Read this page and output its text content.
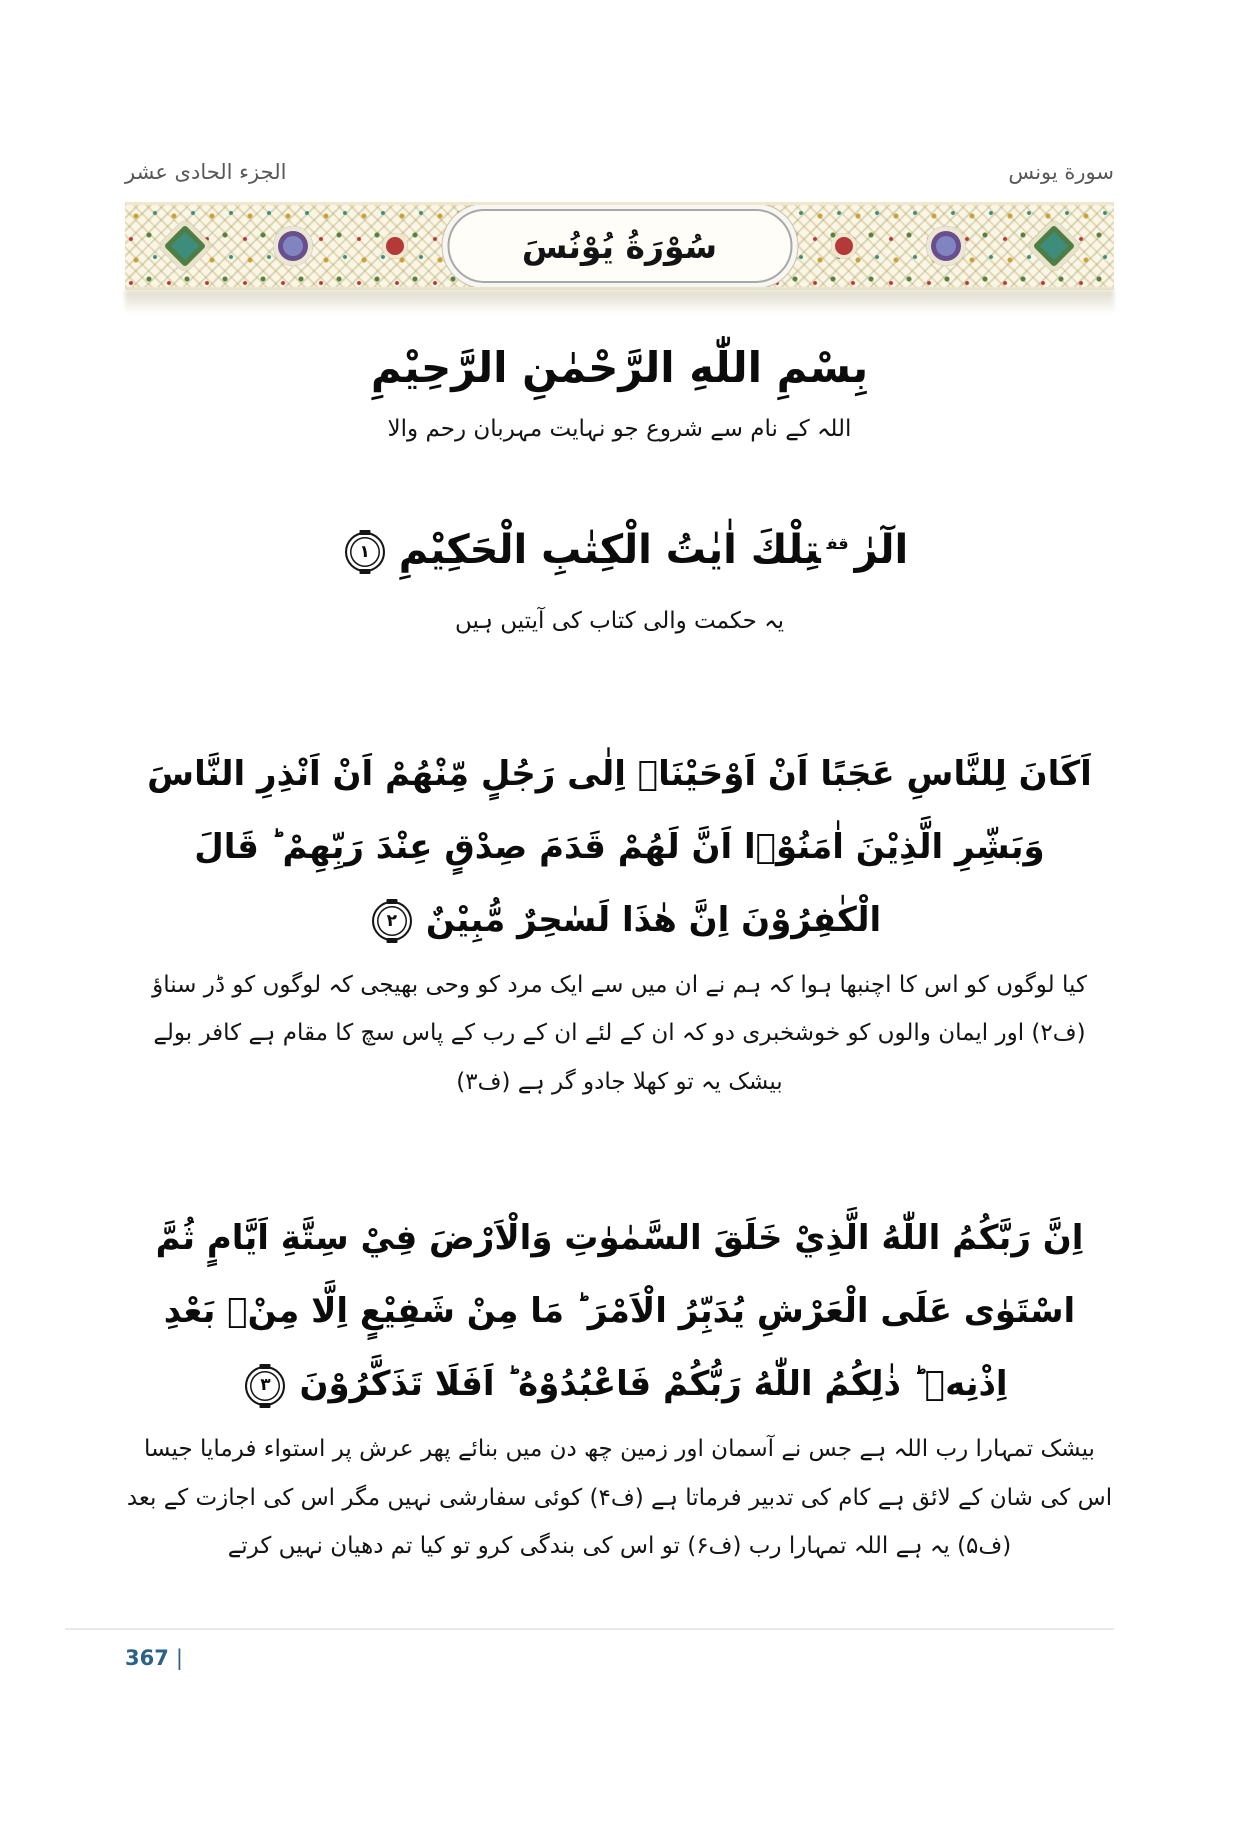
الجزء الحادی عشر	سورة يونس
سُوْرَةُ يُوْنُسَ
بِسْمِ اللّٰهِ الرَّحْمٰنِ الرَّحِيْمِ
اللہ کے نام سے شروع جو نہایت مہربان رحم والا
الٓرٰ$^{قف}$تِلْكَ اٰيٰتُ الْكِتٰبِ الْحَكِيْمِ١
یہ حکمت والی کتاب کی آیتیں ہیں
اَكَانَ لِلنَّاسِ عَجَبًا اَنْ اَوْحَيْنَاۤ اِلٰى رَجُلٍ مِّنْهُمْ اَنْ اَنْذِرِ النَّاسَ وَبَشِّرِ الَّذِيْنَ اٰمَنُوْۤا اَنَّ لَهُمْ قَدَمَ صِدْقٍ عِنْدَ رَبِّهِمْ ؕ قَالَ الْكٰفِرُوْنَ اِنَّ هٰذَا لَسٰحِرٌ مُّبِيْنٌ٢
کیا لوگوں کو اس کا اچنبھا ہوا کہ ہم نے ان میں سے ایک مرد کو وحی بھیجی کہ لوگوں کو ڈر سناؤ (ف۲) اور ایمان والوں کو خوشخبری دو کہ ان کے لئے ان کے رب کے پاس سچ کا مقام ہے کافر بولے بیشک یہ تو کھلا جادو گر ہے (ف۳)
اِنَّ رَبَّكُمُ اللّٰهُ الَّذِيْ خَلَقَ السَّمٰوٰتِ وَالْاَرْضَ فِيْ سِتَّةِ اَيَّامٍ ثُمَّ اسْتَوٰى عَلَى الْعَرْشِ يُدَبِّرُ الْاَمْرَ ؕ مَا مِنْ شَفِيْعٍ اِلَّا مِنْۢ بَعْدِ اِذْنِهٖ ؕ ذٰلِكُمُ اللّٰهُ رَبُّكُمْ فَاعْبُدُوْهُ ؕ اَفَلَا تَذَكَّرُوْنَ٣
بیشک تمہارا رب اللہ ہے جس نے آسمان اور زمین چھ دن میں بنائے پھر عرش پر استواء فرمایا جیسا اس کی شان کے لائق ہے کام کی تدبیر فرماتا ہے (ف۴) کوئی سفارشی نہیں مگر اس کی اجازت کے بعد (ف۵) یہ ہے اللہ تمہارا رب (ف۶) تو اس کی بندگی کرو تو کیا تم دھیان نہیں کرتے
367 |
